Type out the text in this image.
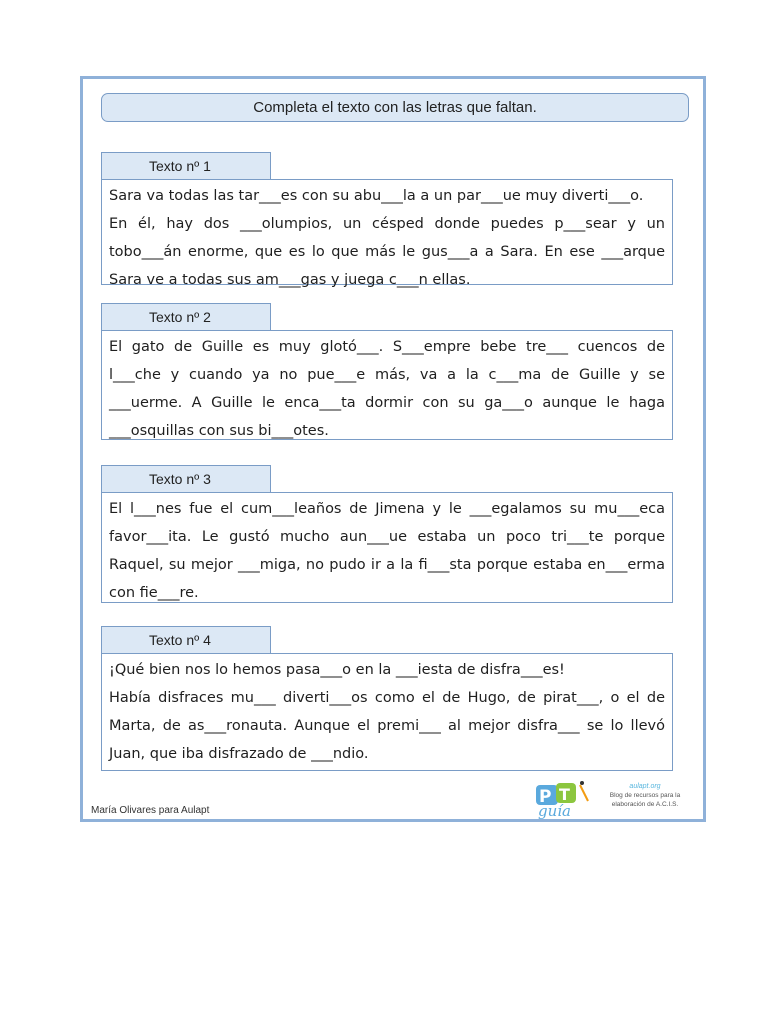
Completa el texto con las letras que faltan.
Texto nº 1

Sara va todas las tar___es con su abu___la a un par___ue muy diverti___o.

En él, hay dos ___olumpios, un césped donde puedes p___sear y un tobo___án enorme, que es lo que más le gus___a a Sara. En ese ___arque Sara ve a todas sus am___gas y juega c___n ellas.

Texto nº 2

El gato de Guille es muy glotó___. S___empre bebe tre___ cuencos de l___che y cuando ya no pue___e más, va a la c___ma de Guille y se ___uerme. A Guille le enca___ta dormir con su ga___o aunque le haga ___osquillas con sus bi___otes.

Texto nº 3

El l___nes fue el cum___leaños de Jimena y le ___egalamos su mu___eca favor___ita. Le gustó mucho aun___ue estaba un poco tri___te porque Raquel, su mejor ___miga, no pudo ir a la fi___sta porque estaba en___erma con fie___re.

Texto nº 4

¡Qué bien nos lo hemos pasa___o en la ___iesta de disfra___es!

Había disfraces mu___ diverti___os como el de Hugo, de pirat___, o el de Marta, de as___ronauta. Aunque el premi___ al mejor disfra___ se lo llevó Juan, que iba disfrazado de ___ndio.

María Olivares para Aulapt
P T
guía
aulapt.org
Blog de recursos para la elaboración de A.C.I.S.
